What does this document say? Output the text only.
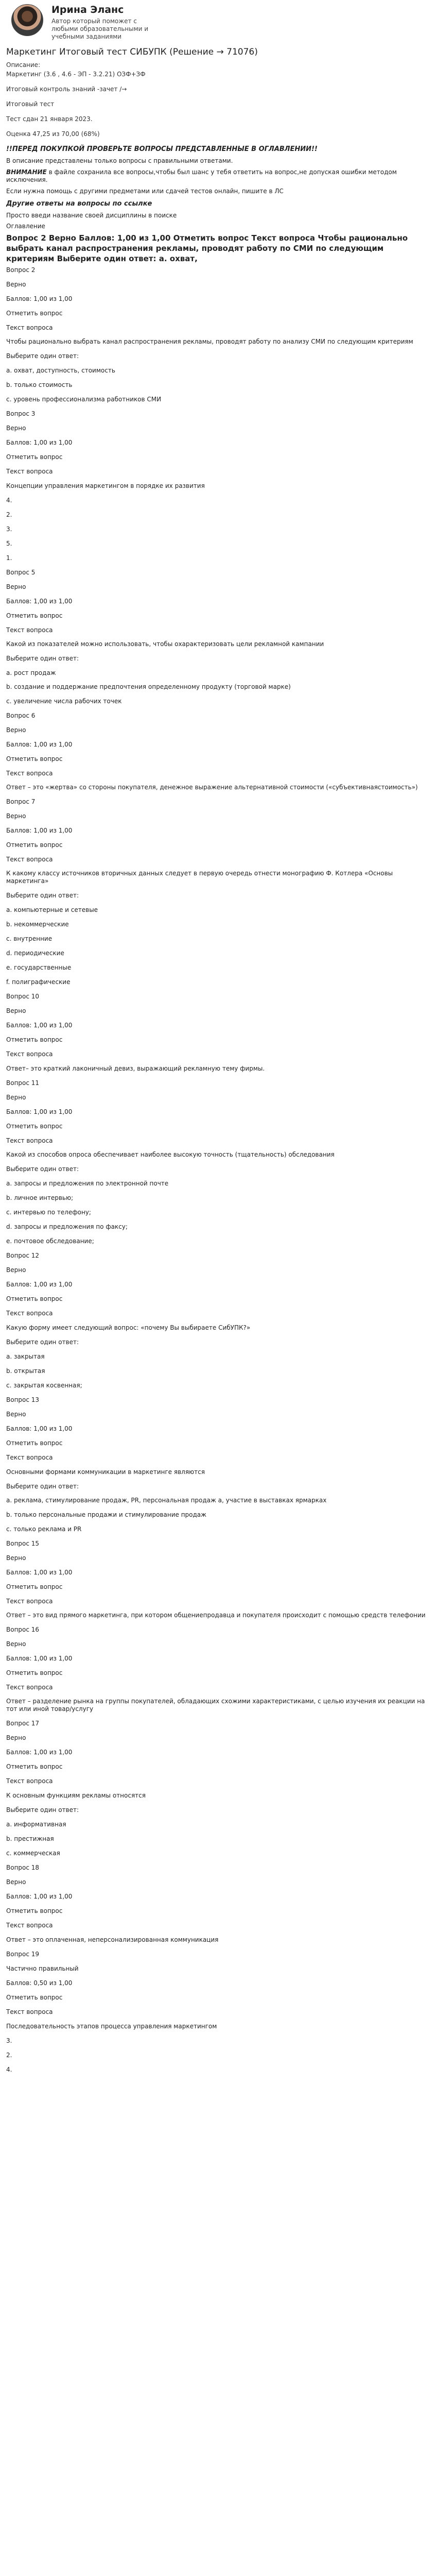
Ирина Эланс
Автор который поможет с любыми образовательными и учебными заданиями
Маркетинг Итоговый тест СИБУПК (Решение → 71076)
Описание:
Маркетинг (3.6 , 4.6 - ЭП - 3.2.21) ОЗФ+ЗФ
Итоговый контроль знаний -зачет /→
Итоговый тест
Тест сдан 21 января 2023.
Оценка 47,25 из 70,00 (68%)
!!ПЕРЕД ПОКУПКОЙ ПРОВЕРЬТЕ ВОПРОСЫ ПРЕДСТАВЛЕННЫЕ В ОГЛАВЛЕНИИ!!
В описание представлены только вопросы с правильными ответами.
ВНИМАНИЕ в файле сохранила все вопросы,чтобы был шанс у тебя ответить на вопрос,не допуская ошибки методом исключения.
Если нужна помощь с другими предметами или сдачей тестов онлайн, пишите в ЛС
Другие ответы на вопросы по ссылке
Просто введи название своей дисциплины в поиске
Оглавление
Вопрос 2 Верно Баллов: 1,00 из 1,00 Отметить вопрос Текст вопроса Чтобы рационально выбрать канал распространения рекламы, проводят работу по СМИ по следующим критериям Выберите один ответ: a. охват,
Вопрос 2
Верно
Баллов: 1,00 из 1,00
Отметить вопрос
Текст вопроса
Чтобы рационально выбрать канал распространения рекламы, проводят работу по анализу СМИ по следующим критериям
Выберите один ответ:
a. охват, доступность, стоимость
b. только стоимость
c. уровень профессионализма работников СМИ
Вопрос 3
Верно
Баллов: 1,00 из 1,00
Отметить вопрос
Текст вопроса
Концепции управления маркетингом в порядке их развития
4.
2.
3.
5.
1.
Вопрос 5
Верно
Баллов: 1,00 из 1,00
Отметить вопрос
Текст вопроса
Какой из показателей можно использовать, чтобы охарактеризовать цели рекламной кампании
Выберите один ответ:
a. рост продаж
b. создание и поддержание предпочтения определенному продукту (торговой марке)
c. увеличение числа рабочих точек
Вопрос 6
Верно
Баллов: 1,00 из 1,00
Отметить вопрос
Текст вопроса
Ответ – это «жертва» со стороны покупателя, денежное выражение альтернативной стоимости («субъективнаястоимость»)
Вопрос 7
Верно
Баллов: 1,00 из 1,00
Отметить вопрос
Текст вопроса
К какому классу источников вторичных данных следует в первую очередь отнести монографию Ф. Котлера «Основы маркетинга»
Выберите один ответ:
a. компьютерные и сетевые
b. некоммерческие
c. внутренние
d. периодические
e. государственные
f. полиграфические
Вопрос 10
Верно
Баллов: 1,00 из 1,00
Отметить вопрос
Текст вопроса
Ответ– это краткий лаконичный девиз, выражающий рекламную тему фирмы.
Вопрос 11
Верно
Баллов: 1,00 из 1,00
Отметить вопрос
Текст вопроса
Какой из способов опроса обеспечивает наиболее высокую точность (тщательность) обследования
Выберите один ответ:
a. запросы и предложения по электронной почте
b. личное интервью;
c. интервью по телефону;
d. запросы и предложения по факсу;
e. почтовое обследование;
Вопрос 12
Верно
Баллов: 1,00 из 1,00
Отметить вопрос
Текст вопроса
Какую форму имеет следующий вопрос: «почему Вы выбираете СибУПК?»
Выберите один ответ:
a. закрытая
b. открытая
c. закрытая косвенная;
Вопрос 13
Верно
Баллов: 1,00 из 1,00
Отметить вопрос
Текст вопроса
Основными формами коммуникации в маркетинге являются
Выберите один ответ:
a. реклама, стимулирование продаж, PR, персональная продаж а, участие в выставках ярмарках
b. только персональные продажи и стимулирование продаж
c. только реклама и PR
Вопрос 15
Верно
Баллов: 1,00 из 1,00
Отметить вопрос
Текст вопроса
Ответ – это вид прямого маркетинга, при котором общениепродавца и покупателя происходит с помощью средств телефонии
Вопрос 16
Верно
Баллов: 1,00 из 1,00
Отметить вопрос
Текст вопроса
Ответ – разделение рынка на группы покупателей, обладающих схожими характеристиками, с целью изучения их реакции на тот или иной товар/услугу
Вопрос 17
Верно
Баллов: 1,00 из 1,00
Отметить вопрос
Текст вопроса
К основным функциям рекламы относятся
Выберите один ответ:
a. информативная
b. престижная
c. коммерческая
Вопрос 18
Верно
Баллов: 1,00 из 1,00
Отметить вопрос
Текст вопроса
Ответ – это оплаченная, неперсонализированная коммуникация
Вопрос 19
Частично правильный
Баллов: 0,50 из 1,00
Отметить вопрос
Текст вопроса
Последовательность этапов процесса управления маркетингом
3.
2.
4.
